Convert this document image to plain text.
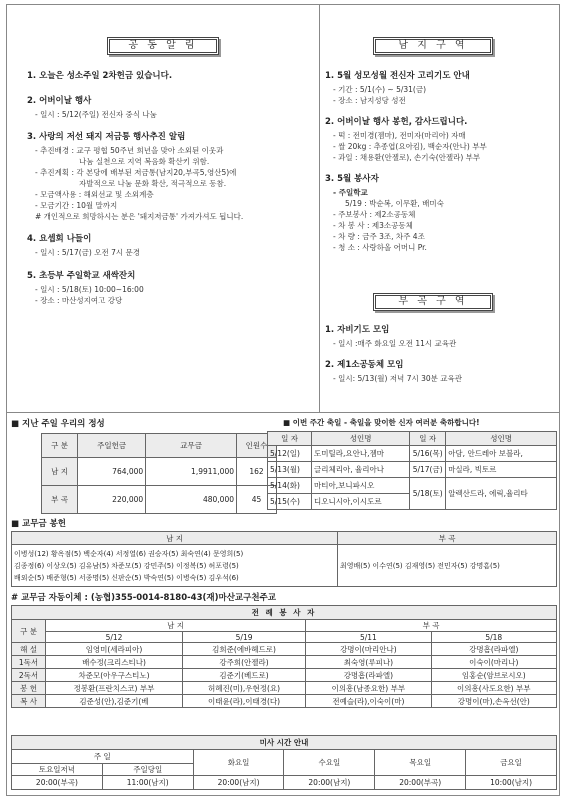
공 동 알 림
1. 오늘은 성소주일 2차헌금 있습니다.
2. 어버이날 행사
- 일시 : 5/12(주일) 전신자 중식 나눔
3. 사랑의 저선 돼지 저금통 행사추진 알림
- 추진배경 : 교구 평협 50주년 희년을 맞아 소외된 이웃과
나눔 실천으로 지역 복음화 확산키 위함.
- 추진계획 : 각 본당에 배부된 저금통(남지20,부곡5,영산5)에
자발적으로 나눔 문화 확산, 적극적으로 동참.
- 모금액사용 : 해외선교 및 소외계층
- 모금기간 : 10월 말까지
# 개인적으로 희망하시는 분은 '돼지저금통' 가져가셔도 됩니다.
4. 요셉회 나들이
- 일시 : 5/17(금) 오전 7시 문경
5. 초등부 주일학교 새싹잔치
- 일시 : 5/18(토) 10:00~16:00
- 장소 : 마산성지여고 강당
남 지 구 역
1. 5월 성모성월 전신자 고리기도 안내
- 기간 : 5/1(수) ~ 5/31(금)
- 장소 : 남지성당 성전
2. 어버이날 행사 봉헌, 감사드립니다.
- 떡 : 전미경(젬마), 전미자(마리아) 자매
- 쌀 20kg : 추종엽(요아킴), 백순자(안나) 부부
- 과일 : 채용환(안젤로), 손기숙(안젤라) 부부
3. 5월 봉사자
- 주일학교
5/19 : 박순복, 이무환, 배미숙
- 주보봉사 : 제2소공동체
- 차 봉 사 : 제3소공동체
- 차 량 : 금주 3조, 차주 4조
- 청 소 : 사랑하올 어머니 Pr.
부 곡 구 역
1. 자비기도 모임
- 일시 :매주 화요일 오전 11시 교육관
2. 제1소공동체 모임
- 일시: 5/13(월) 저녁 7시 30분 교육관
■ 지난 주일 우리의 정성
구 분	주일헌금	교무금	인원수
남 지	764,000	1,9911,000	162
부 곡	220,000	480,000	45
■ 이번 주간 축일 - 축일을 맞이한 신자 여러분 축하합니다!
일 자	성인명	일 자	성인명
5/12(일)	도미틸라,요안나,젬마	5/16(목)	아담, 안드레아 보블라,
5/13(월)	글리체리아, 율리아나	5/17(금)	마실라, 빅토르
5/14(화)	마티아,보니파시오	5/18(토)	알렉산드라, 에릭,율리타
5/15(수)	디오니시아,이시도르		
■ 교무금 봉헌
남 지	부 곡

이병성(12) 황옥점(5) 백순자(4) 서정열(6) 권승자(5) 최숙연(4) 문영희(5)
김종정(6) 이상오(5) 김유남(5) 차준모(5) 강민주(5) 이정복(5) 허포령(5)
배외순(5) 배준형(5) 서종명(5) 신판순(5) 박숙연(5) 이병숙(5) 김우석(6)	최영배(5) 이수연(5) 김재영(5) 전민자(5) 강명흠(5)
# 교무금 자동이체 : (농협)355-0014-8180-43(재)마산교구천주교
전 례 봉 사 자				
구 분	남 지		부 곡	
	5/12	5/19	5/11	5/18
해 설	임영미(세라피아)	김희준(에바헤드로)	강명이(마리안나)	강명흠(라파엘)
1독서	배수정(크리스티나)	강주희(안젤라)	최숙영(루피나)	이숙이(마리나)
2독서	차준모(아우구스티노)	김준기(베드로)	강명흠(라파엘)	임홍순(암브로시오)
봉 헌	정봉환(프란치스코) 부부	허혜진(미),우현정(요)	이의흥(남종요한) 부부	이의흥(사도요한) 부부
복 사	김준성(안),김준기(베	이태윤(라),이태경(다)	전예슬(라),이숙이(마)	강명이(마),손옥선(안)
미사 시간 안내					
주 일		화요일	수요일	목요일	금요일
토요일저녁	주일당일				
20:00(부곡)	11:00(남지)	20:00(남지)	20:00(남지)	20:00(부곡)	10:00(남지)
